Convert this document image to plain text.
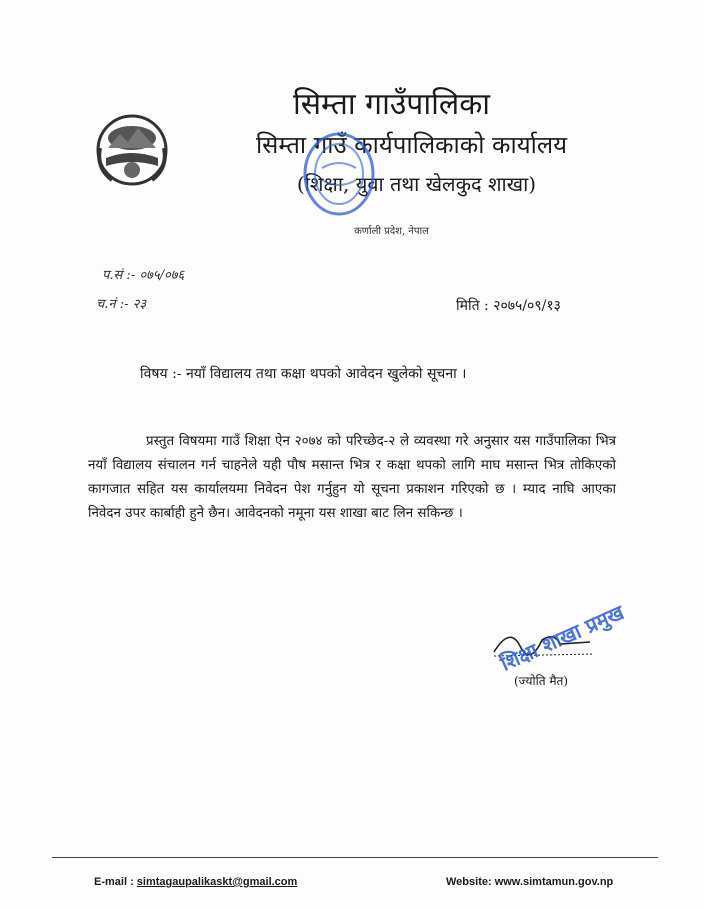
सिम्ता गाउँपालिका
सिम्ता गाउँ कार्यपालिकाको कार्यालय
(शिक्षा, युवा तथा खेलकुद शाखा)
कर्णाली प्रदेश, नेपाल
प.सं :- ०७५/०७६
च.नं :- २३	मिति : २०७५/०९/१३
विषय :- नयाँ विद्यालय तथा कक्षा थपको आवेदन खुलेको सूचना ।
प्रस्तुत विषयमा गाउँ शिक्षा ऐन २०७४ को परिच्छेद-२ ले व्यवस्था गरे अनुसार यस गाउँपालिका भित्र नयाँ विद्यालय संचालन गर्न चाहनेले यही पौष मसान्त भित्र र कक्षा थपको लागि माघ मसान्त भित्र तोकिएको कागजात सहित यस कार्यालयमा निवेदन पेश गर्नुहुन यो सूचना प्रकाशन गरिएको छ । म्याद नाघि आएका निवेदन उपर कार्बाही हुने छैन। आवेदनको नमूना यस शाखा बाट लिन सकिन्छ ।
(ज्योति मैत)
शिक्षा शाखा प्रमुख
E-mail : simtagaupalikaskt@gmail.com	Website: www.simtamun.gov.np
